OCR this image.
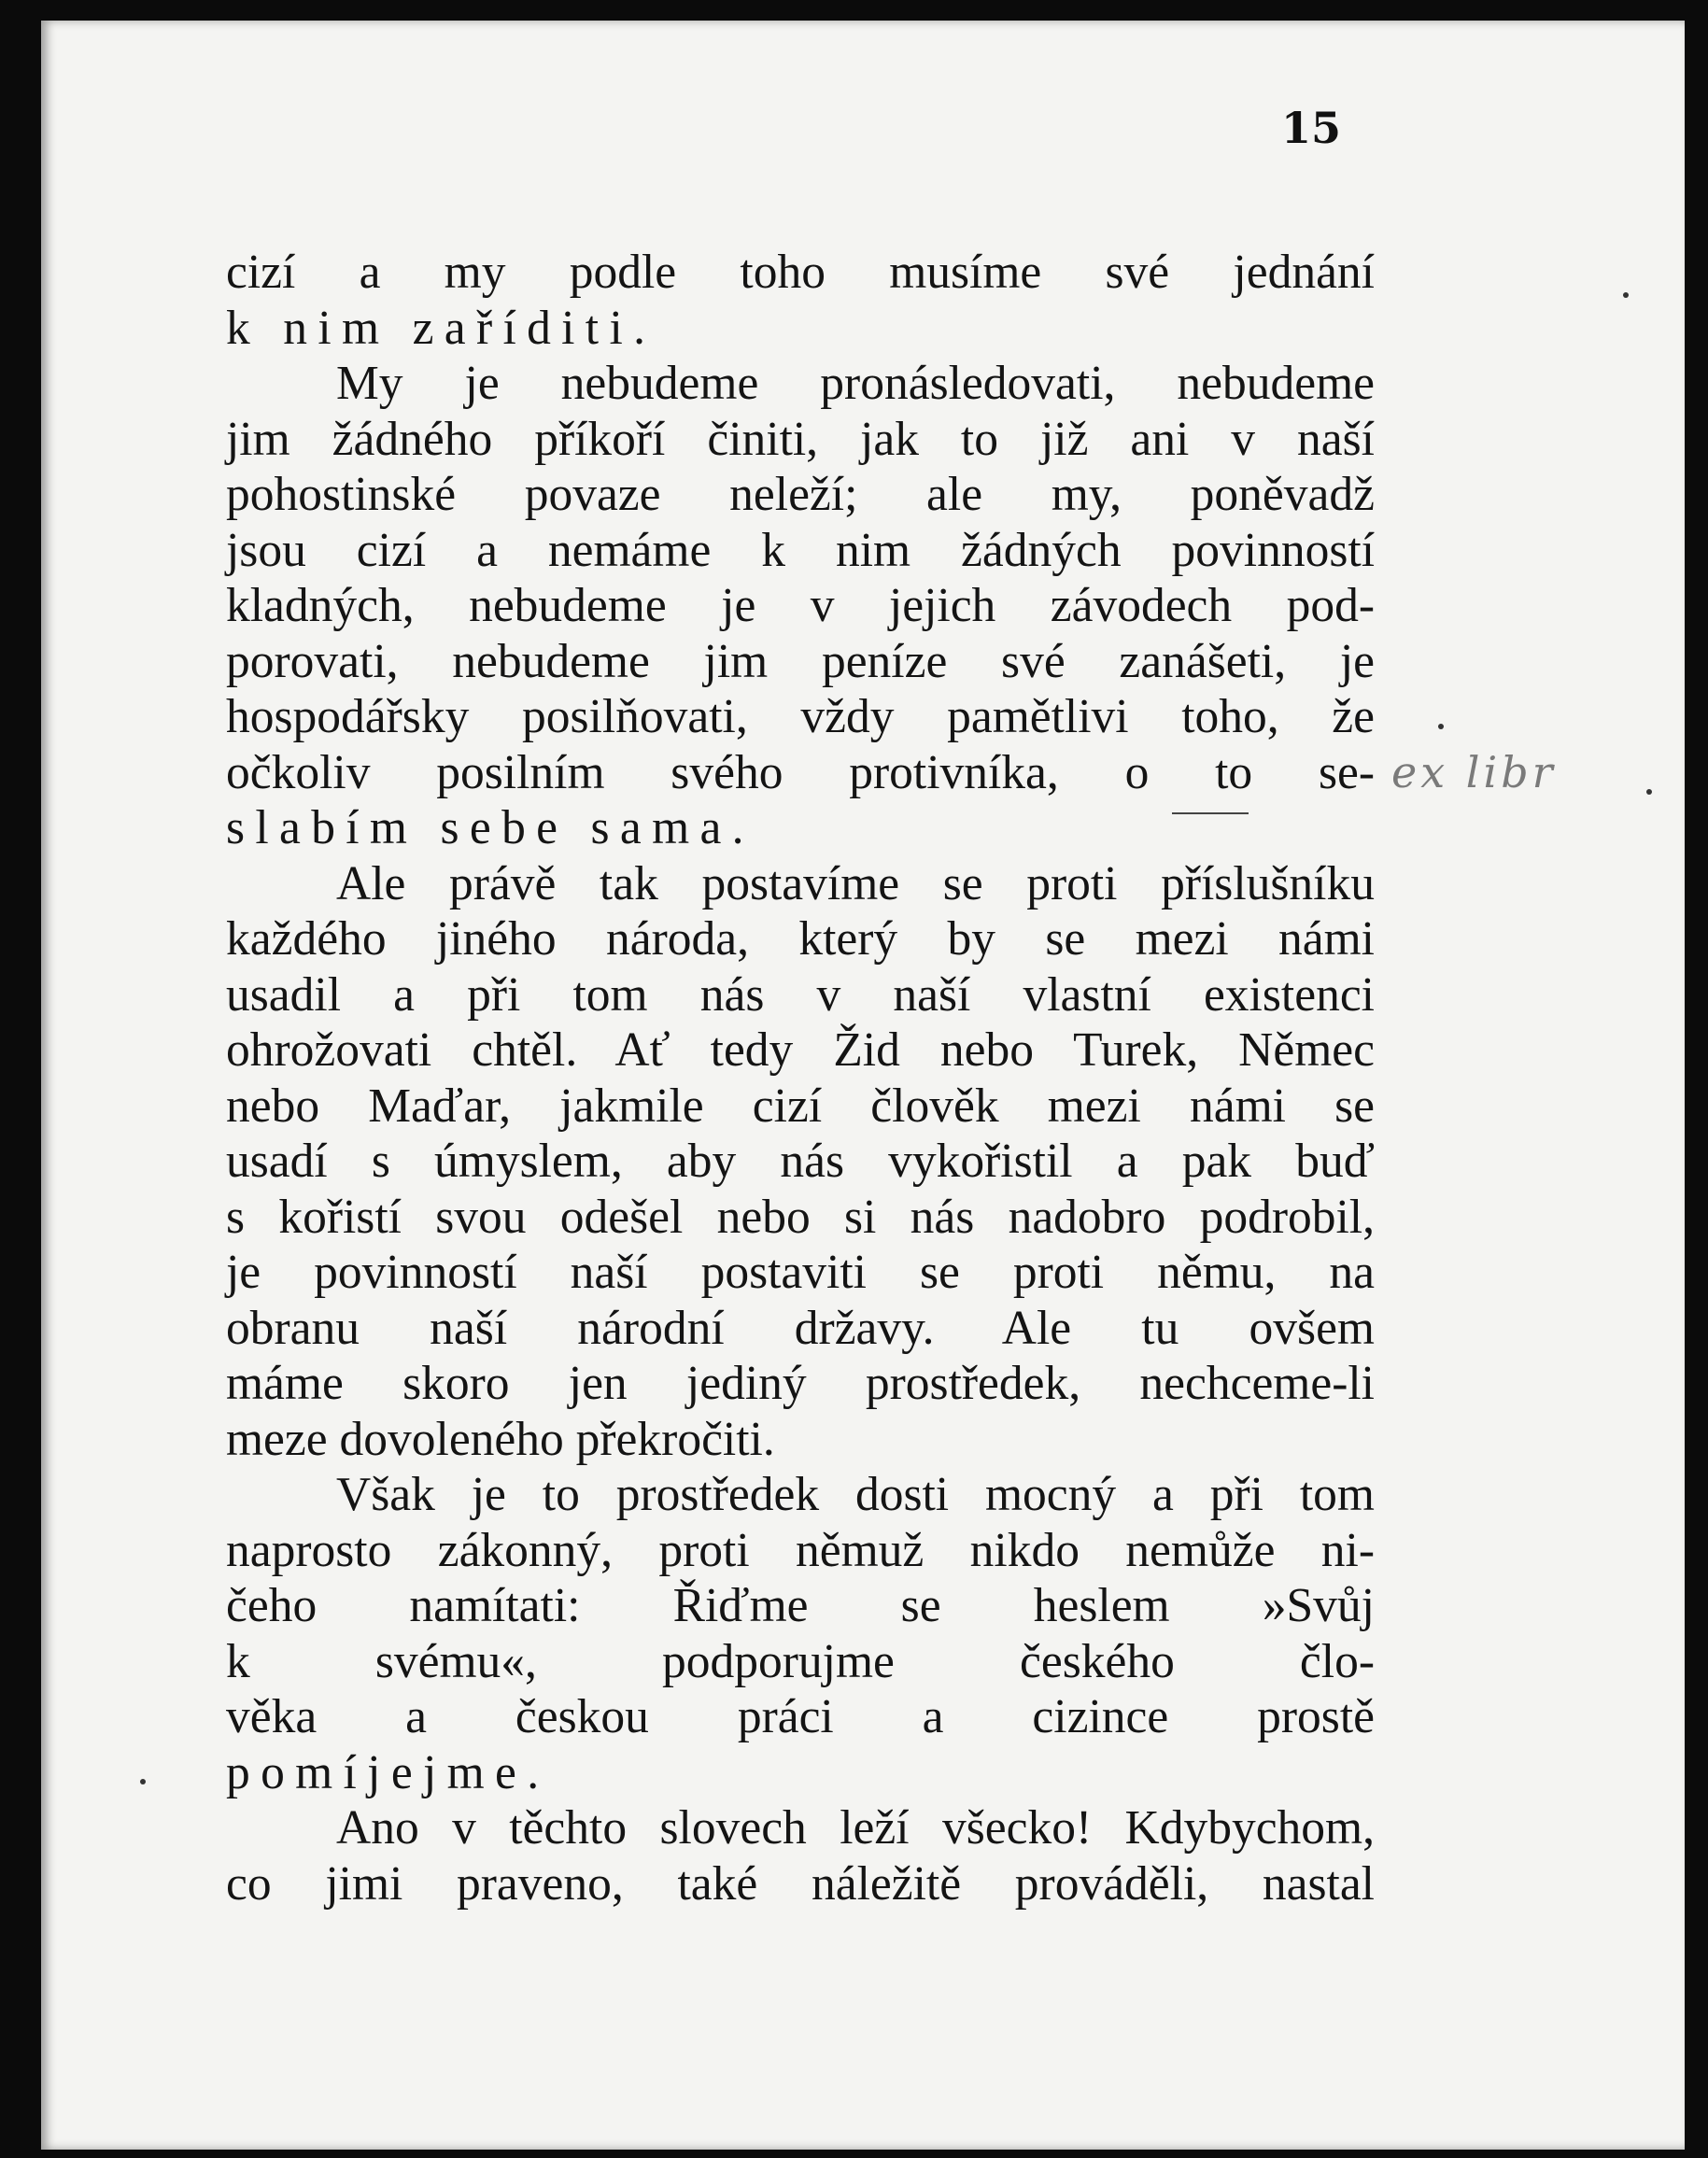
15
cizí a my podle toho musíme své jednání
k nim zaříditi.
My je nebudeme pronásledovati, nebudeme
jim žádného příkoří činiti, jak to již ani v naší
pohostinské povaze neleží; ale my, poněvadž
jsou cizí a nemáme k nim žádných povinností
kladných, nebudeme je v jejich závodech pod-
porovati, nebudeme jim peníze své zanášeti, je
hospodářsky posilňovati, vždy pamětlivi toho, že
očkoliv posilním svého protivníka, o to se-
slabím sebe sama.
Ale právě tak postavíme se proti příslušníku
každého jiného národa, který by se mezi námi
usadil a při tom nás v naší vlastní existenci
ohrožovati chtěl. Ať tedy Žid nebo Turek, Němec
nebo Maďar, jakmile cizí člověk mezi námi se
usadí s úmyslem, aby nás vykořistil a pak buď
s kořistí svou odešel nebo si nás nadobro podrobil,
je povinností naší postaviti se proti němu, na
obranu naší národní državy. Ale tu ovšem
máme skoro jen jediný prostředek, nechceme-li
meze dovoleného překročiti.
Však je to prostředek dosti mocný a při tom
naprosto zákonný, proti němuž nikdo nemůže ni-
čeho namítati: Řiďme se heslem »Svůj
k svému«, podporujme českého člo-
věka a českou práci a cizince prostě
pomíjejme.
Ano v těchto slovech leží všecko! Kdybychom,
co jimi praveno, také náležitě prováděli, nastal
ex libr
